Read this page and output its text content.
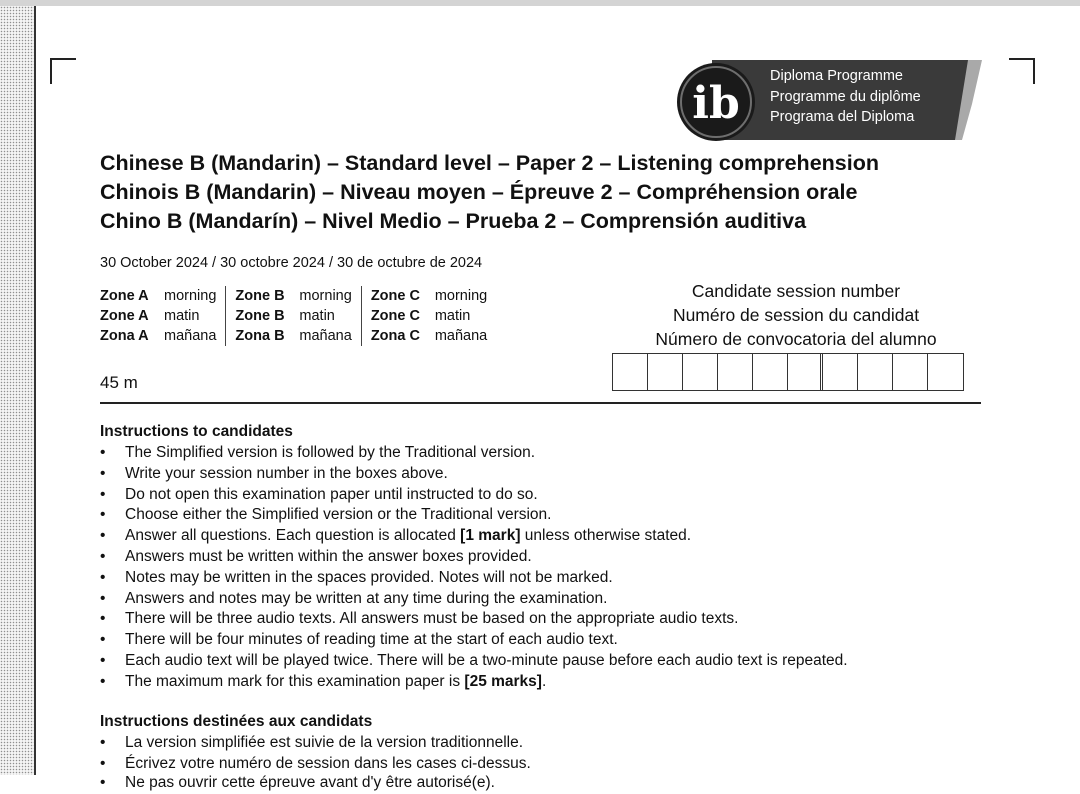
ib
Diploma Programme
Programme du diplôme
Programa del Diploma
Chinese B (Mandarin) – Standard level – Paper 2 – Listening comprehension
Chinois B (Mandarin) – Niveau moyen – Épreuve 2 – Compréhension orale
Chino B (Mandarín) – Nivel Medio – Prueba 2 – Comprensión auditiva
30 October 2024 / 30 octobre 2024 / 30 de octubre de 2024
Zone A morning
Zone A matin
Zona A mañana
Zone B morning
Zone B matin
Zona B mañana
Zone C morning
Zone C matin
Zona C mañana
45 m
Candidate session number
Numéro de session du candidat
Número de convocatoria del alumno
Instructions to candidates
• The Simplified version is followed by the Traditional version.
• Write your session number in the boxes above.
• Do not open this examination paper until instructed to do so.
• Choose either the Simplified version or the Traditional version.
• Answer all questions. Each question is allocated [1 mark] unless otherwise stated.
• Answers must be written within the answer boxes provided.
• Notes may be written in the spaces provided. Notes will not be marked.
• Answers and notes may be written at any time during the examination.
• There will be three audio texts. All answers must be based on the appropriate audio texts.
• There will be four minutes of reading time at the start of each audio text.
• Each audio text will be played twice. There will be a two-minute pause before each audio text is repeated.
• The maximum mark for this examination paper is [25 marks].
Instructions destinées aux candidats
• La version simplifiée est suivie de la version traditionnelle.
• Écrivez votre numéro de session dans les cases ci-dessus.
• Ne pas ouvrir cette épreuve avant d'y être autorisé(e).
